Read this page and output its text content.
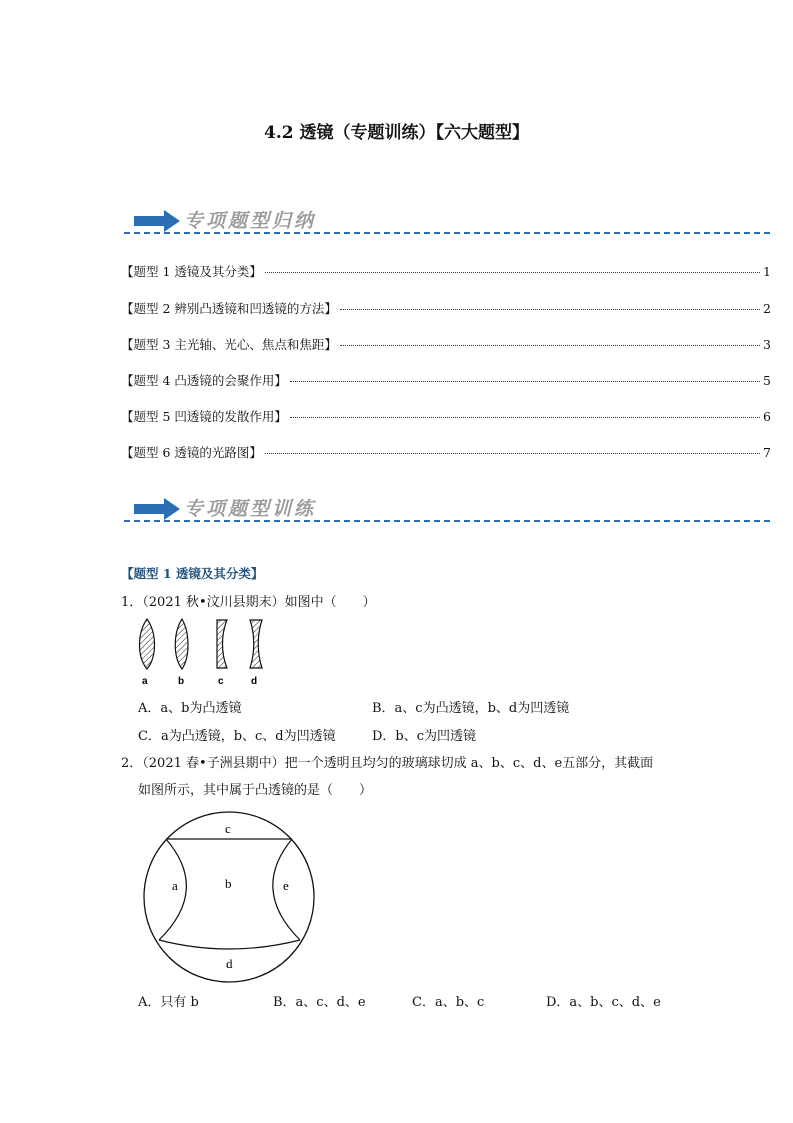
4.2 透镜（专题训练）【六大题型】
专项题型归纳
【题型 1 透镜及其分类】	1
【题型 2 辨别凸透镜和凹透镜的方法】	2
【题型 3 主光轴、光心、焦点和焦距】	3
【题型 4 凸透镜的会聚作用】	5
【题型 5 凹透镜的发散作用】	6
【题型 6 透镜的光路图】	7
专项题型训练
【题型 1 透镜及其分类】
1．（2021 秋•汶川县期末）如图中（　　）
a	b	c	d
A．a、b为凸透镜	B．a、c为凸透镜，b、d为凹透镜
C．a为凸透镜，b、c、d为凹透镜	D．b、c为凹透镜
2．（2021 春•子洲县期中）把一个透明且均匀的玻璃球切成 a、b、c、d、e五部分，其截面
如图所示，其中属于凸透镜的是（　　）
c
a	b	e
d
A．只有 b	B．a、c、d、e	C．a、b、c	D．a、b、c、d、e
